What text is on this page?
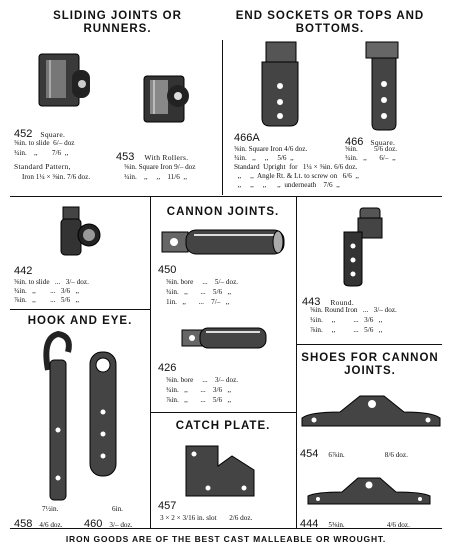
SLIDING JOINTS OR RUNNERS.
END SOCKETS OR TOPS AND BOTTOMS.
452 Square.
⅝in. to slide  6/– doz
¾in.    ,,        7/6  ,,
Standard Pattern,
Iron 1¼ × ⅜in. 7/6 doz.
453 With Rollers.
⅝in. Square Iron 9/– doz
¾in.    ,,     ,,    11/6  ,,
466A
⅝in. Square Iron 4/6 doz.
¾in.   ,,     ,,     5/6  ,,
466 Square.
⅝in.         5/6 doz.
¾in.   ,,       6/–  ,,
Standard  Upright  for   1¼ × ⅜in. 6/6 doz.
,,     ,,  Angle Rt. & Lt. to screw on   6/6  ,,
,,     ,,     ,,      ,,  underneath    7/6  ,,
442
⅝in. to slide   ...   3/– doz.
¾in.   ,,        ...   3/6   ,,
⅞in.   ,,        ...   5/6   ,,
CANNON JOINTS.
450
⅝in. bore     ...    5/– doz.
¾in.   ,,       ...    5/6   ,,
1in.   ,,       ...    7/–   ,,
426
⅝in. bore     ...    3/– doz.
¾in.   ,,       ...    3/6   ,,
⅞in.   ,,       ...    5/6   ,,
443 Round.
⅝in. Round Iron   ...   3/– doz.
¾in.     ,,          ...   3/6   ,,
⅞in.     ,,          ...   5/6   ,,
HOOK AND EYE.
7½in.	6in.
458 4/6 doz. 460 3/– doz.
CATCH PLATE.
457
3 × 2 × 3/16 in. slot       2/6 doz.
SHOES FOR CANNON JOINTS.
454 6⅞in.	8/6 doz.
444 5⅜in.	4/6 doz.
IRON GOODS ARE OF THE BEST CAST MALLEABLE OR WROUGHT.
